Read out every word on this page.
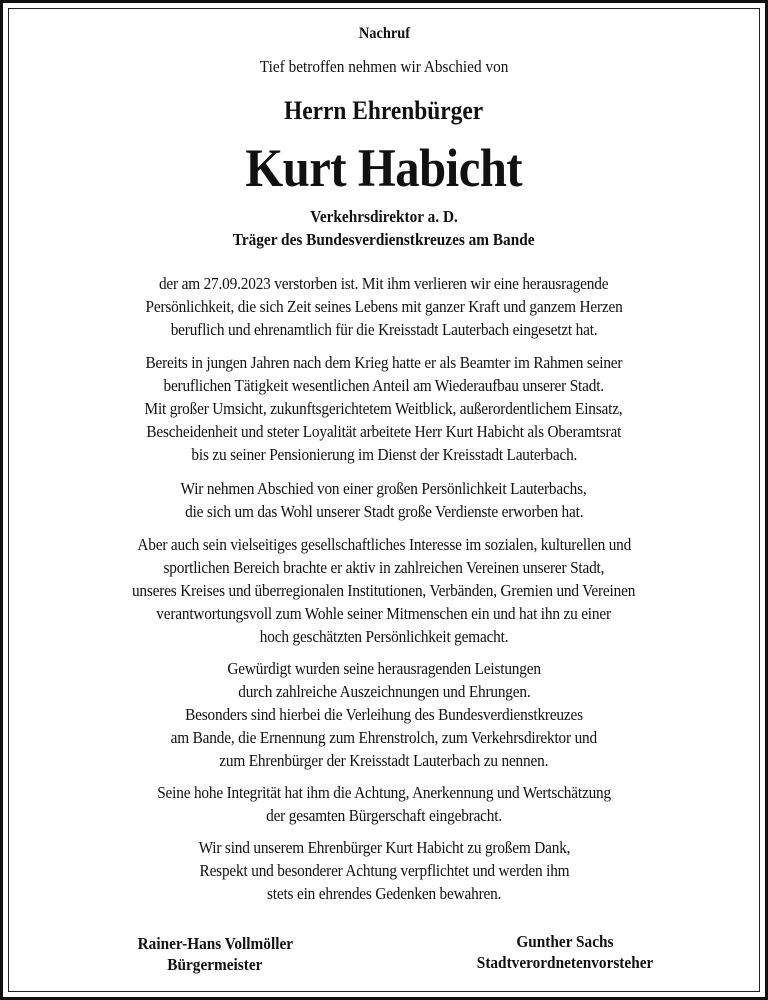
Nachruf
Tief betroffen nehmen wir Abschied von
Herrn Ehrenbürger
Kurt Habicht
Verkehrsdirektor a. D.
Träger des Bundesverdienstkreuzes am Bande
der am 27.09.2023 verstorben ist. Mit ihm verlieren wir eine herausragende
Persönlichkeit, die sich Zeit seines Lebens mit ganzer Kraft und ganzem Herzen
beruflich und ehrenamtlich für die Kreisstadt Lauterbach eingesetzt hat.
Bereits in jungen Jahren nach dem Krieg hatte er als Beamter im Rahmen seiner
beruflichen Tätigkeit wesentlichen Anteil am Wiederaufbau unserer Stadt.
Mit großer Umsicht, zukunftsgerichtetem Weitblick, außerordentlichem Einsatz,
Bescheidenheit und steter Loyalität arbeitete Herr Kurt Habicht als Oberamtsrat
bis zu seiner Pensionierung im Dienst der Kreisstadt Lauterbach.
Wir nehmen Abschied von einer großen Persönlichkeit Lauterbachs,
die sich um das Wohl unserer Stadt große Verdienste erworben hat.
Aber auch sein vielseitiges gesellschaftliches Interesse im sozialen, kulturellen und
sportlichen Bereich brachte er aktiv in zahlreichen Vereinen unserer Stadt,
unseres Kreises und überregionalen Institutionen, Verbänden, Gremien und Vereinen
verantwortungsvoll zum Wohle seiner Mitmenschen ein und hat ihn zu einer
hoch geschätzten Persönlichkeit gemacht.
Gewürdigt wurden seine herausragenden Leistungen
durch zahlreiche Auszeichnungen und Ehrungen.
Besonders sind hierbei die Verleihung des Bundesverdienstkreuzes
am Bande, die Ernennung zum Ehrenstrolch, zum Verkehrsdirektor und
zum Ehrenbürger der Kreisstadt Lauterbach zu nennen.
Seine hohe Integrität hat ihm die Achtung, Anerkennung und Wertschätzung
der gesamten Bürgerschaft eingebracht.
Wir sind unserem Ehrenbürger Kurt Habicht zu großem Dank,
Respekt und besonderer Achtung verpflichtet und werden ihm
stets ein ehrendes Gedenken bewahren.
Rainer-Hans Vollmöller
Bürgermeister
Gunther Sachs
Stadtverordnetenvorsteher
